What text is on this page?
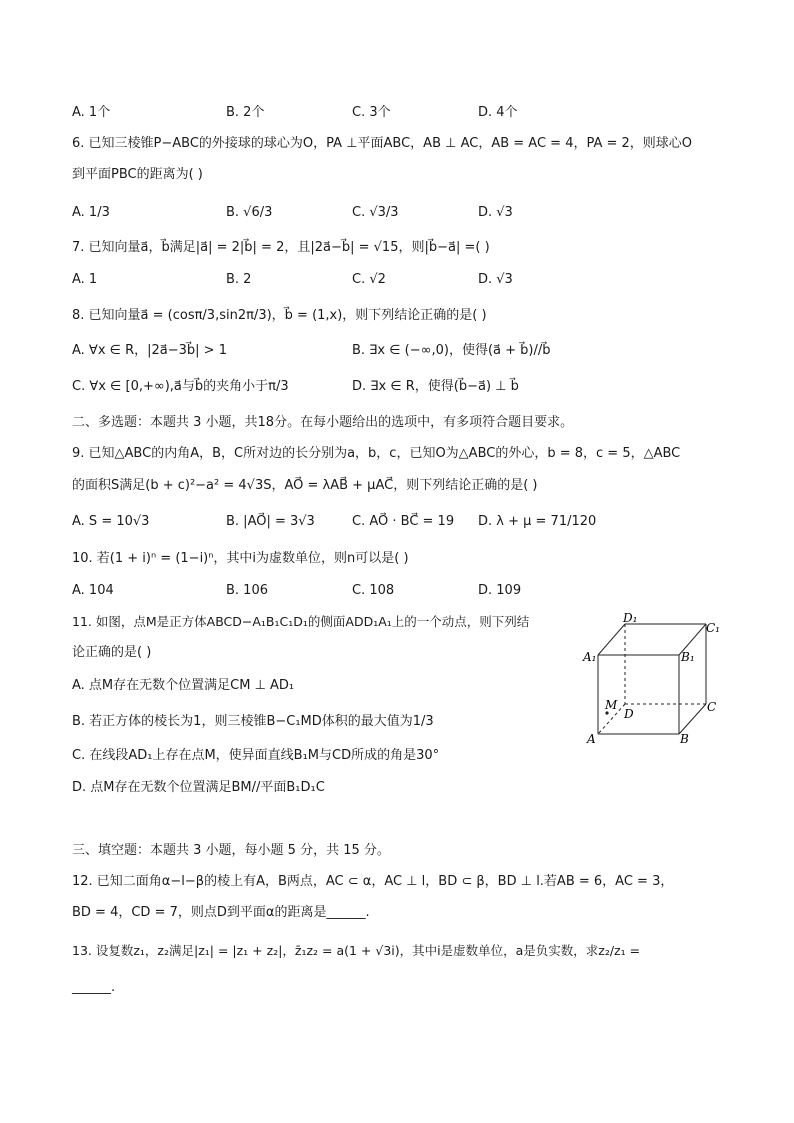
A. 1个	B. 2个	C. 3个	D. 4个
6. 已知三棱锥P−ABC的外接球的球心为O，PA ⊥平面ABC，AB ⊥ AC，AB = AC = 4，PA = 2，则球心O
到平面PBC的距离为( )
A. 1/3	B. √6/3	C. √3/3	D. √3
7. 已知向量a⃗，b⃗满足|a⃗| = 2|b⃗| = 2，且|2a⃗−b⃗| = √15，则|b⃗−a⃗| =( )
A. 1	B. 2	C. √2	D. √3
8. 已知向量a⃗ = (cosπ/3,sin2π/3)，b⃗ = (1,x)，则下列结论正确的是( )
A. ∀x ∈ R，|2a⃗−3b⃗| > 1	B. ∃x ∈ (−∞,0)，使得(a⃗ + b⃗)//b⃗
C. ∀x ∈ [0,+∞),a⃗与b⃗的夹角小于π/3	D. ∃x ∈ R，使得(b⃗−a⃗) ⊥ b⃗
二、多选题：本题共 3 小题，共18分。在每小题给出的选项中，有多项符合题目要求。
9. 已知△ABC的内角A，B，C所对边的长分别为a，b，c，已知O为△ABC的外心，b = 8，c = 5，△ABC
的面积S满足(b + c)²−a² = 4√3S，AO⃗ = λAB⃗ + μAC⃗，则下列结论正确的是( )
A. S = 10√3	B. |AO⃗| = 3√3	C. AO⃗ · BC⃗ = 19 D. λ + μ = 71/120
10. 若(1 + i)ⁿ = (1−i)ⁿ，其中i为虚数单位，则n可以是( )
A. 104	B. 106	C. 108	D. 109
11. 如图，点M是正方体ABCD−A₁B₁C₁D₁的侧面ADD₁A₁上的一个动点，则下列结
论正确的是( )
A. 点M存在无数个位置满足CM ⊥ AD₁
B. 若正方体的棱长为1，则三棱锥B−C₁MD体积的最大值为1/3
C. 在线段AD₁上存在点M，使异面直线B₁M与CD所成的角是30°
D. 点M存在无数个位置满足BM//平面B₁D₁C
D₁
C₁
A₁	B₁
M
D	C
A	B
三、填空题：本题共 3 小题，每小题 5 分，共 15 分。
12. 已知二面角α−l−β的棱上有A，B两点，AC ⊂ α，AC ⊥ l，BD ⊂ β，BD ⊥ l.若AB = 6，AC = 3，
BD = 4，CD = 7，则点D到平面α的距离是______.
13. 设复数z₁，z₂满足|z₁| = |z₁ + z₂|，z̄₁z₂ = a(1 + √3i)，其中i是虚数单位，a是负实数，求z₂/z₁ =
______.
